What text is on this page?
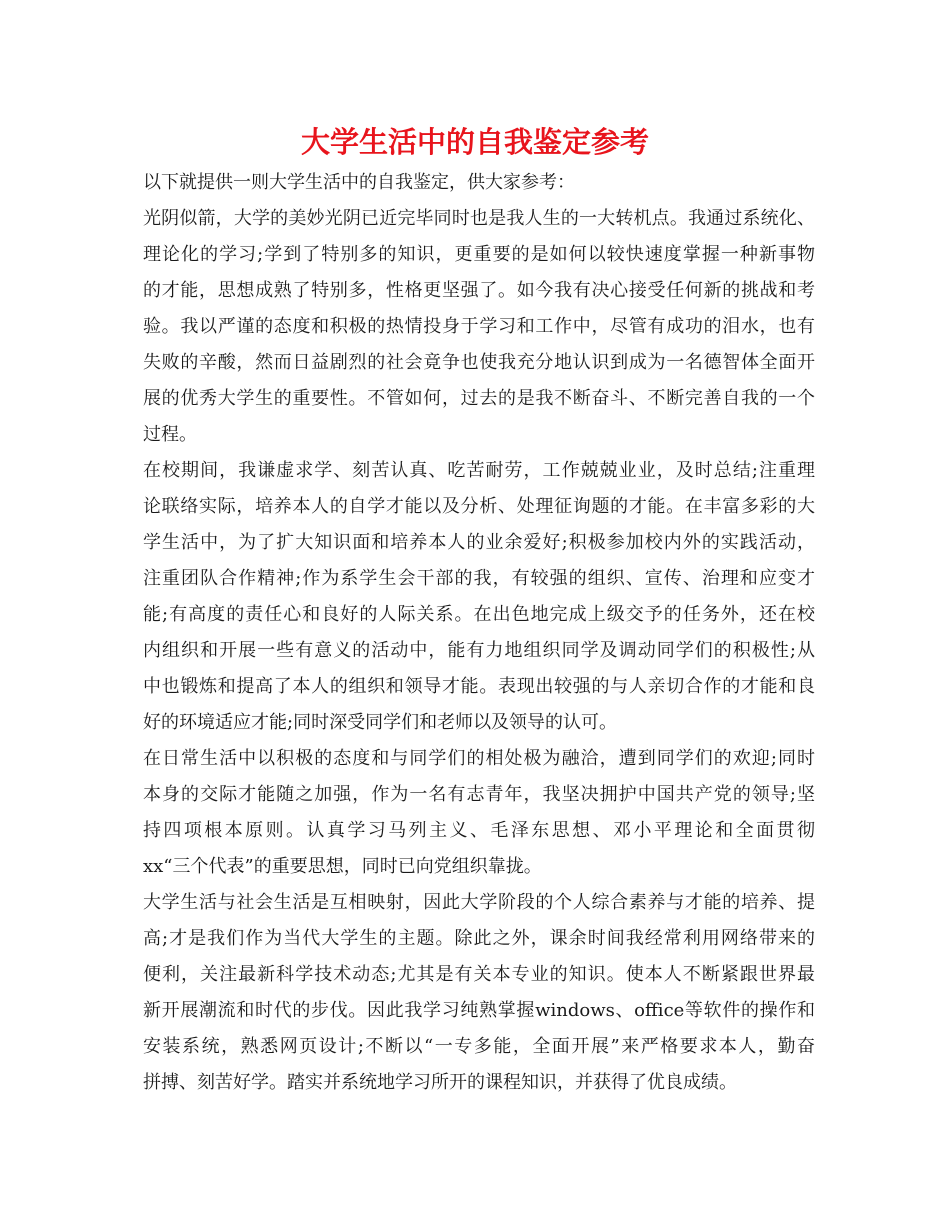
大学生活中的自我鉴定参考
以下就提供一则大学生活中的自我鉴定，供大家参考：
光阴似箭，大学的美妙光阴已近完毕同时也是我人生的一大转机点。我通过系统化、
理论化的学习;学到了特别多的知识，更重要的是如何以较快速度掌握一种新事物
的才能，思想成熟了特别多，性格更坚强了。如今我有决心接受任何新的挑战和考
验。我以严谨的态度和积极的热情投身于学习和工作中，尽管有成功的泪水，也有
失败的辛酸，然而日益剧烈的社会竟争也使我充分地认识到成为一名德智体全面开
展的优秀大学生的重要性。不管如何，过去的是我不断奋斗、不断完善自我的一个
过程。
在校期间，我谦虚求学、刻苦认真、吃苦耐劳，工作兢兢业业，及时总结;注重理
论联络实际，培养本人的自学才能以及分析、处理征询题的才能。在丰富多彩的大
学生活中，为了扩大知识面和培养本人的业余爱好;积极参加校内外的实践活动，
注重团队合作精神;作为系学生会干部的我，有较强的组织、宣传、治理和应变才
能;有高度的责任心和良好的人际关系。在出色地完成上级交予的任务外，还在校
内组织和开展一些有意义的活动中，能有力地组织同学及调动同学们的积极性;从
中也锻炼和提高了本人的组织和领导才能。表现出较强的与人亲切合作的才能和良
好的环境适应才能;同时深受同学们和老师以及领导的认可。
在日常生活中以积极的态度和与同学们的相处极为融洽，遭到同学们的欢迎;同时
本身的交际才能随之加强，作为一名有志青年，我坚决拥护中国共产党的领导;坚
持四项根本原则。认真学习马列主义、毛泽东思想、邓小平理论和全面贯彻
xx“三个代表”的重要思想，同时已向党组织靠拢。
大学生活与社会生活是互相映射，因此大学阶段的个人综合素养与才能的培养、提
高;才是我们作为当代大学生的主题。除此之外，课余时间我经常利用网络带来的
便利，关注最新科学技术动态;尤其是有关本专业的知识。使本人不断紧跟世界最
新开展潮流和时代的步伐。因此我学习纯熟掌握windows、office等软件的操作和
安装系统，熟悉网页设计;不断以“一专多能，全面开展”来严格要求本人，勤奋
拼搏、刻苦好学。踏实并系统地学习所开的课程知识，并获得了优良成绩。
